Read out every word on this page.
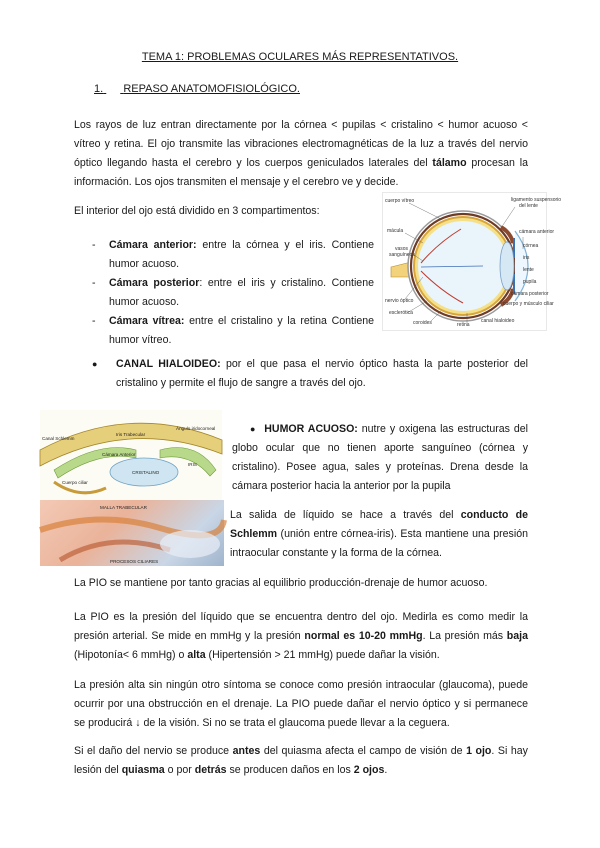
TEMA 1: PROBLEMAS OCULARES MÁS REPRESENTATIVOS.
1. REPASO ANATOMOFISIOLÓGICO.
Los rayos de luz entran directamente por la córnea < pupilas < cristalino < humor acuoso < vítreo y retina. El ojo transmite las vibraciones electromagnéticas de la luz a través del nervio óptico llegando hasta el cerebro y los cuerpos geniculados laterales del tálamo procesan la información. Los ojos transmiten el mensaje y el cerebro ve y decide.
El interior del ojo está dividido en 3 compartimentos:
-	Cámara anterior: entre la córnea y el iris. Contiene humor acuoso.
-	Cámara posterior: entre el iris y cristalino. Contiene humor acuoso.
-	Cámara vítrea: entre el cristalino y la retina Contiene humor vítreo.
cuerpo vítreo
mácula
vasos
sanguíneos
nervio óptico
esclerótica
coroides	retina
canal hialoideo
ligamento suspensorio
del lente
cámara anterior
córnea
iris
lente
pupila
cámara posterior
cuerpo y músculo ciliar
●	CANAL HIALOIDEO: por el que pasa el nervio óptico hasta la parte posterior del cristalino y permite el flujo de sangre a través del ojo.
Canal Schlemm
Iris Trabecular
Cámara Anterior
Ángulo iridocorneal
CRISTALINO
IRIS
Cuerpo ciliar
MALLA TRABECULAR
PROCESOS CILIARES
● HUMOR ACUOSO: nutre y oxigena las estructuras del globo ocular que no tienen aporte sanguíneo (córnea y cristalino). Posee agua, sales y proteínas. Drena desde la cámara posterior hacia la anterior por la pupila
La salida de líquido se hace a través del conducto de Schlemm (unión entre córnea-iris). Esta mantiene una presión intraocular constante y la forma de la córnea.
La PIO se mantiene por tanto gracias al equilibrio producción-drenaje de humor acuoso.
La PIO es la presión del líquido que se encuentra dentro del ojo. Medirla es como medir la presión arterial. Se mide en mmHg y la presión normal es 10-20 mmHg. La presión más baja (Hipotonía< 6 mmHg) o alta (Hipertensión > 21 mmHg) puede dañar la visión.
La presión alta sin ningún otro síntoma se conoce como presión intraocular (glaucoma), puede ocurrir por una obstrucción en el drenaje. La PIO puede dañar el nervio óptico y si permanece se producirá ↓ de la visión. Si no se trata el glaucoma puede llevar a la ceguera.
Si el daño del nervio se produce antes del quiasma afecta el campo de visión de 1 ojo. Si hay lesión del quiasma o por detrás se producen daños en los 2 ojos.
